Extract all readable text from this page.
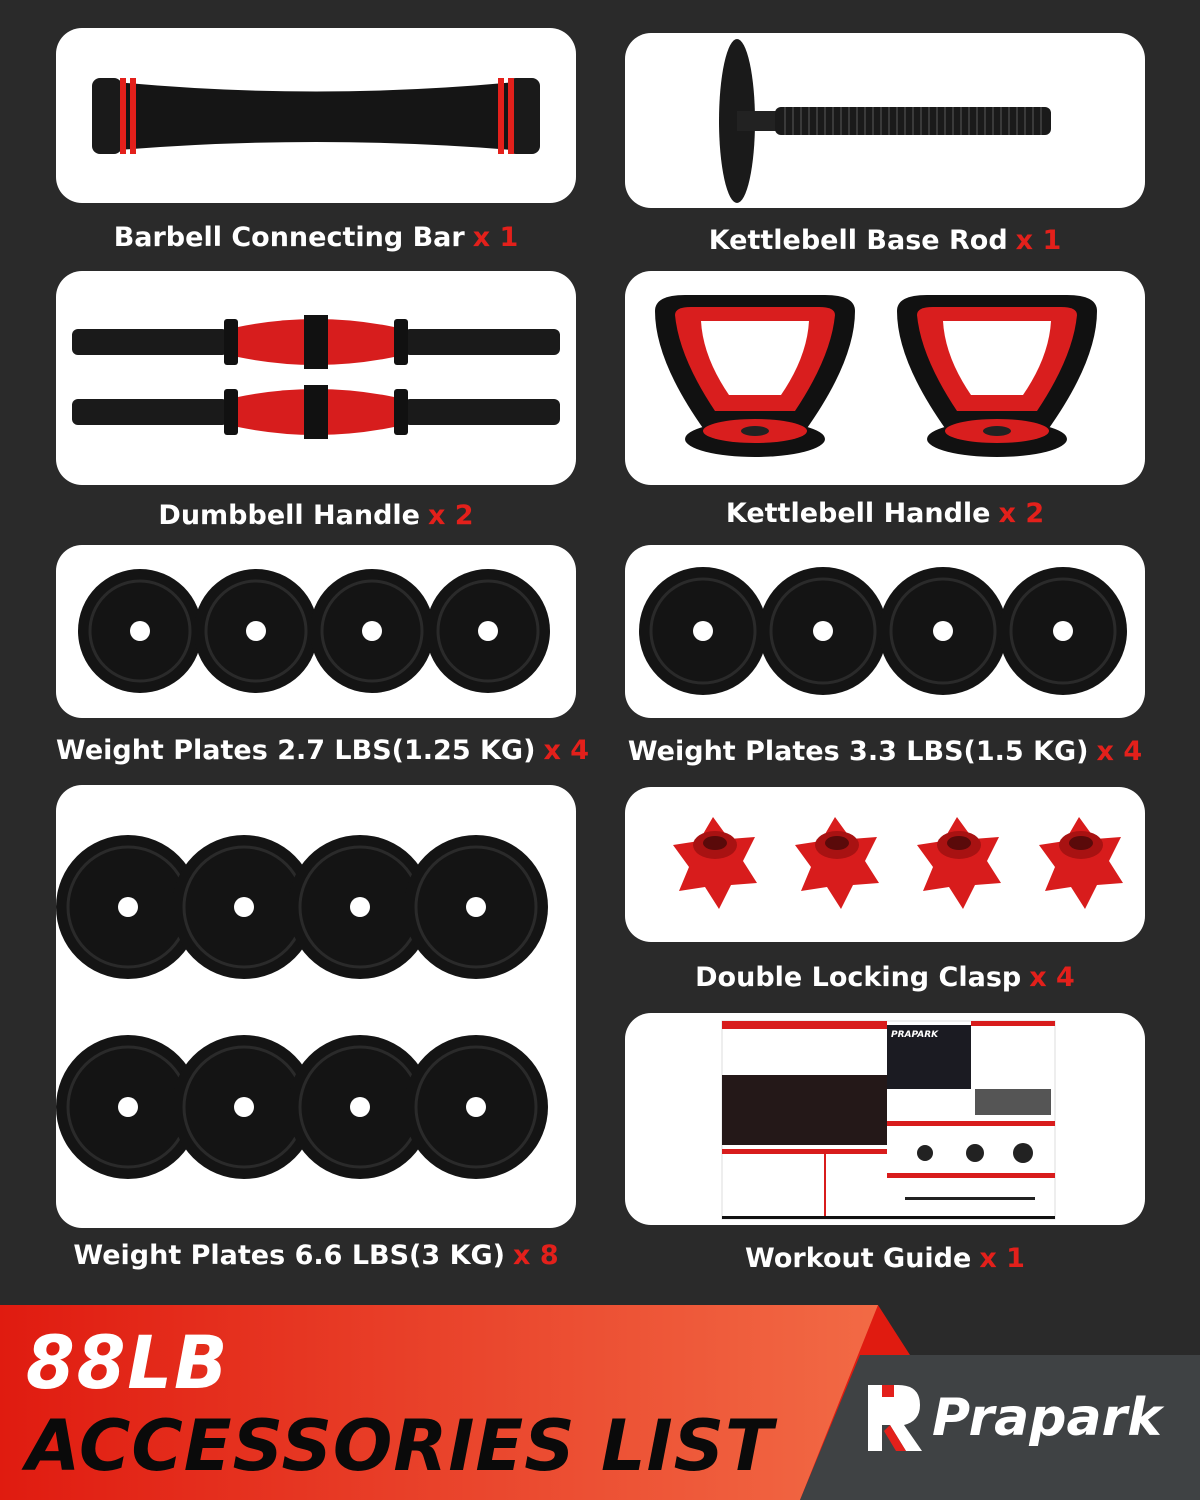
Barbell Connecting Bar x 1	Kettlebell Base Rod x 1
Dumbbell Handle x 2	Kettlebell Handle x 2
Weight Plates 2.7 LBS(1.25 KG) x 4 Weight Plates 3.3 LBS(1.5 KG) x 4
Weight Plates 6.6 LBS(3 KG) x 8
Double Locking Clasp x 4
PRAPARK
Workout Guide x 1
88LB
ACCESSORIES LIST	Prapark
